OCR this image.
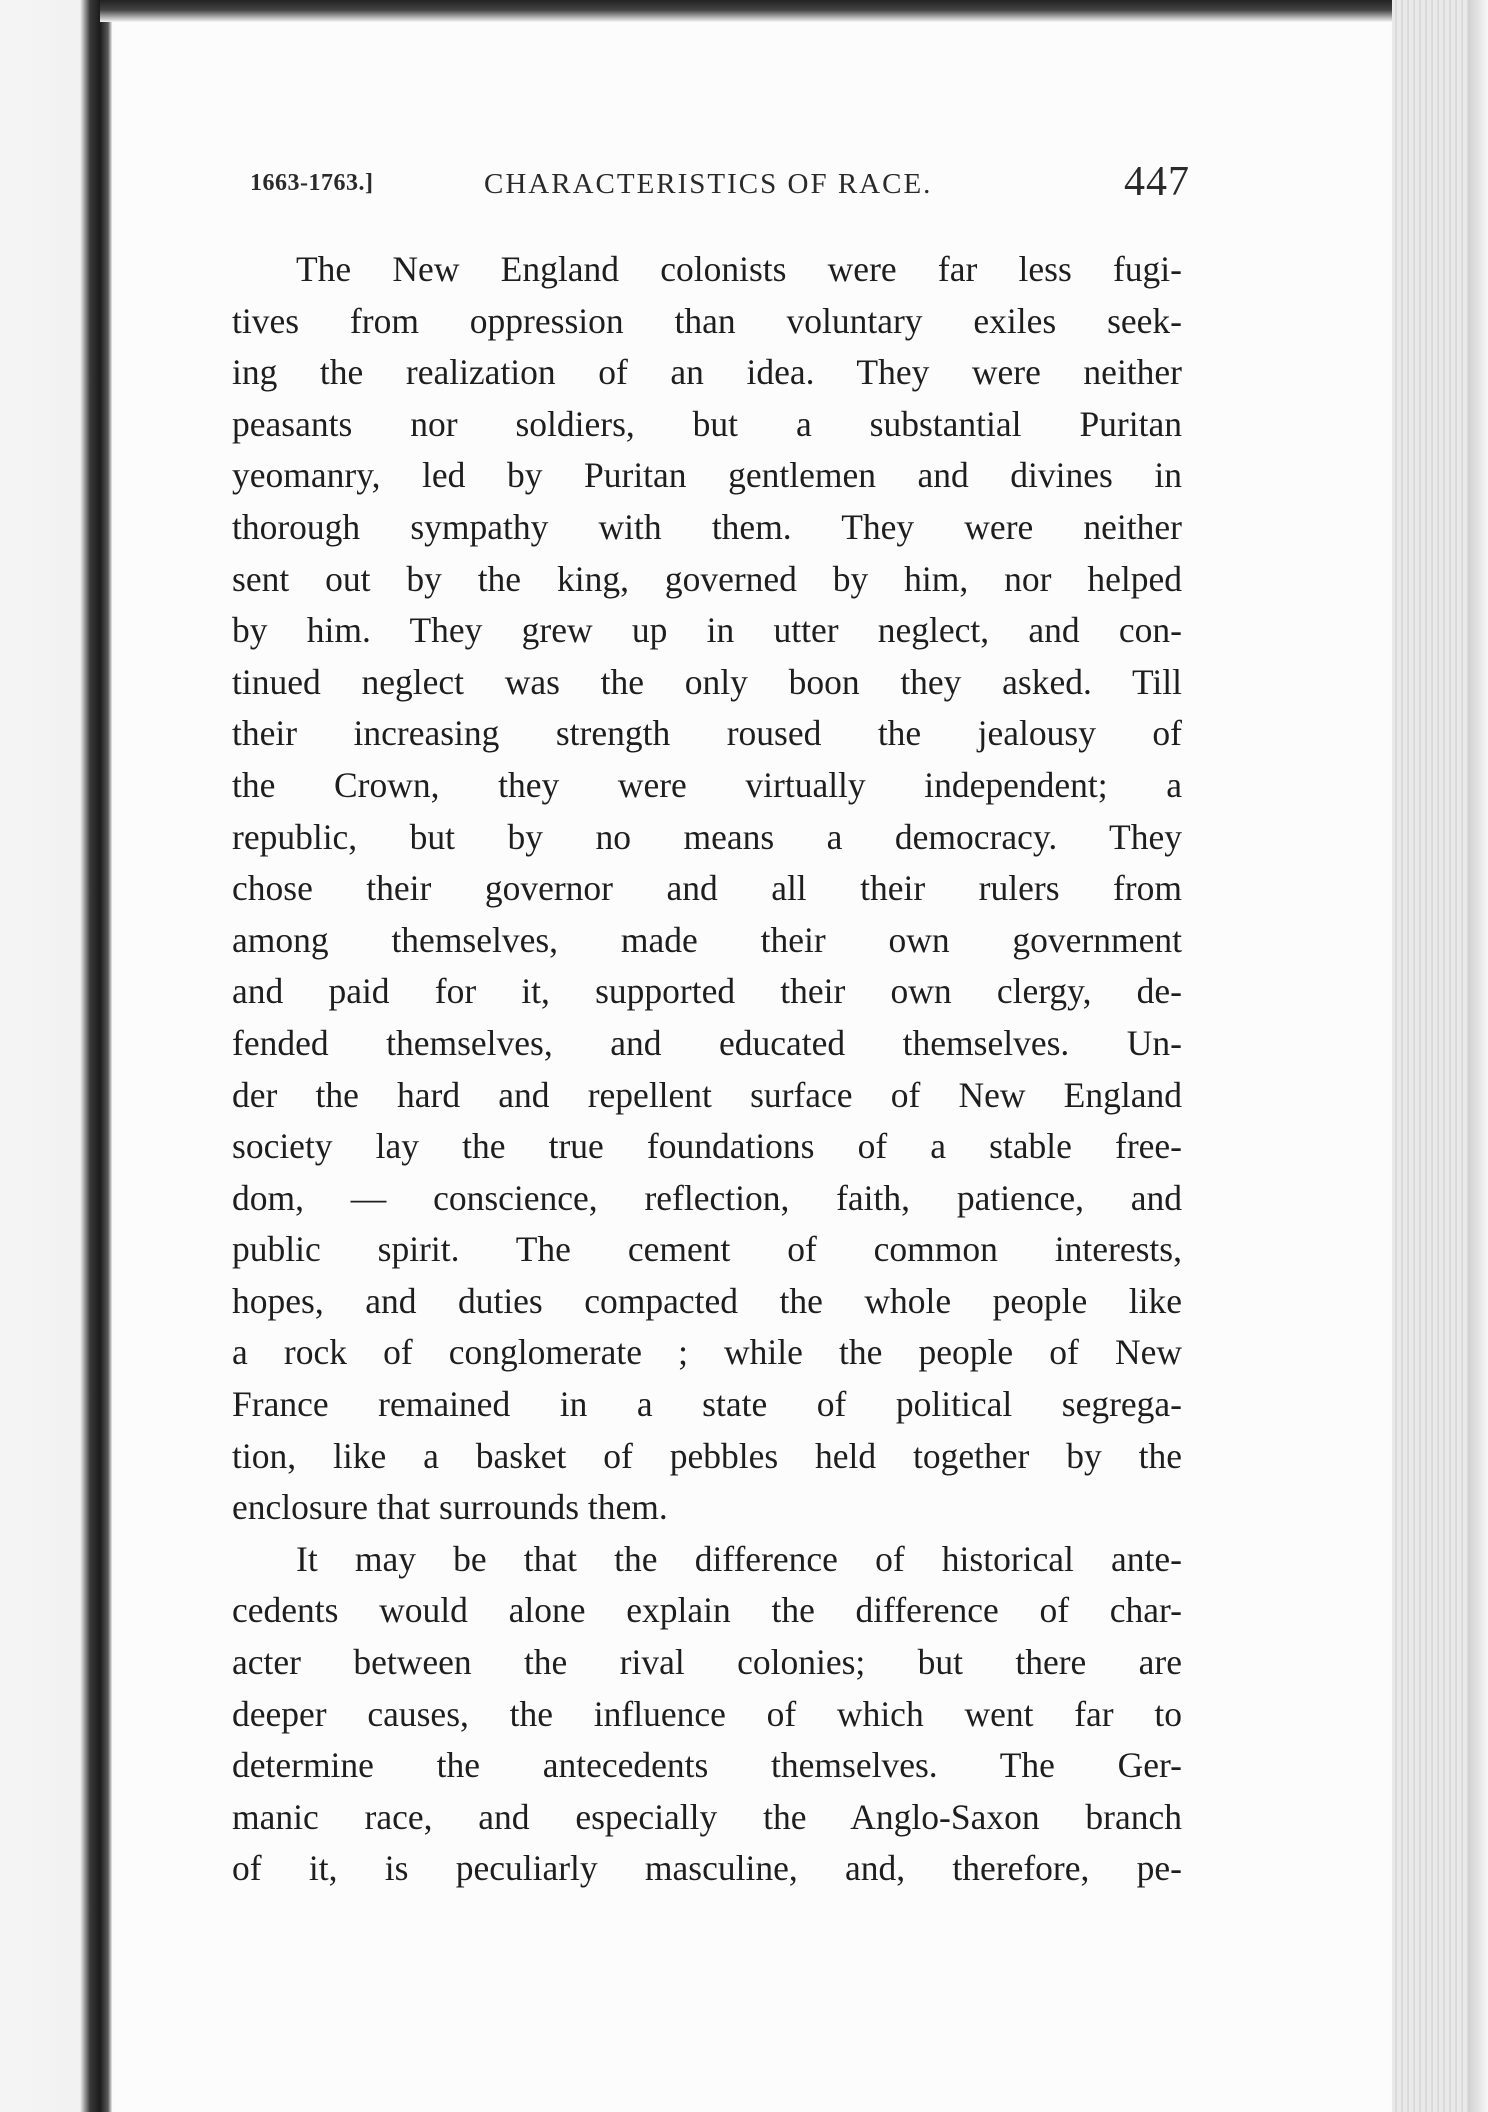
1663-1763.]	CHARACTERISTICS OF RACE.	447

The New England colonists were far less fugi-
tives from oppression than voluntary exiles seek-
ing the realization of an idea. They were neither
peasants nor soldiers, but a substantial Puritan
yeomanry, led by Puritan gentlemen and divines in
thorough sympathy with them. They were neither
sent out by the king, governed by him, nor helped
by him. They grew up in utter neglect, and con-
tinued neglect was the only boon they asked. Till
their increasing strength roused the jealousy of
the Crown, they were virtually independent; a
republic, but by no means a democracy. They
chose their governor and all their rulers from
among themselves, made their own government
and paid for it, supported their own clergy, de-
fended themselves, and educated themselves. Un-
der the hard and repellent surface of New England
society lay the true foundations of a stable free-
dom, — conscience, reflection, faith, patience, and
public spirit. The cement of common interests,
hopes, and duties compacted the whole people like
a rock of conglomerate ; while the people of New
France remained in a state of political segrega-
tion, like a basket of pebbles held together by the
enclosure that surrounds them.

It may be that the difference of historical ante-
cedents would alone explain the difference of char-
acter between the rival colonies; but there are
deeper causes, the influence of which went far to
determine the antecedents themselves. The Ger-
manic race, and especially the Anglo-Saxon branch
of it, is peculiarly masculine, and, therefore, pe-
